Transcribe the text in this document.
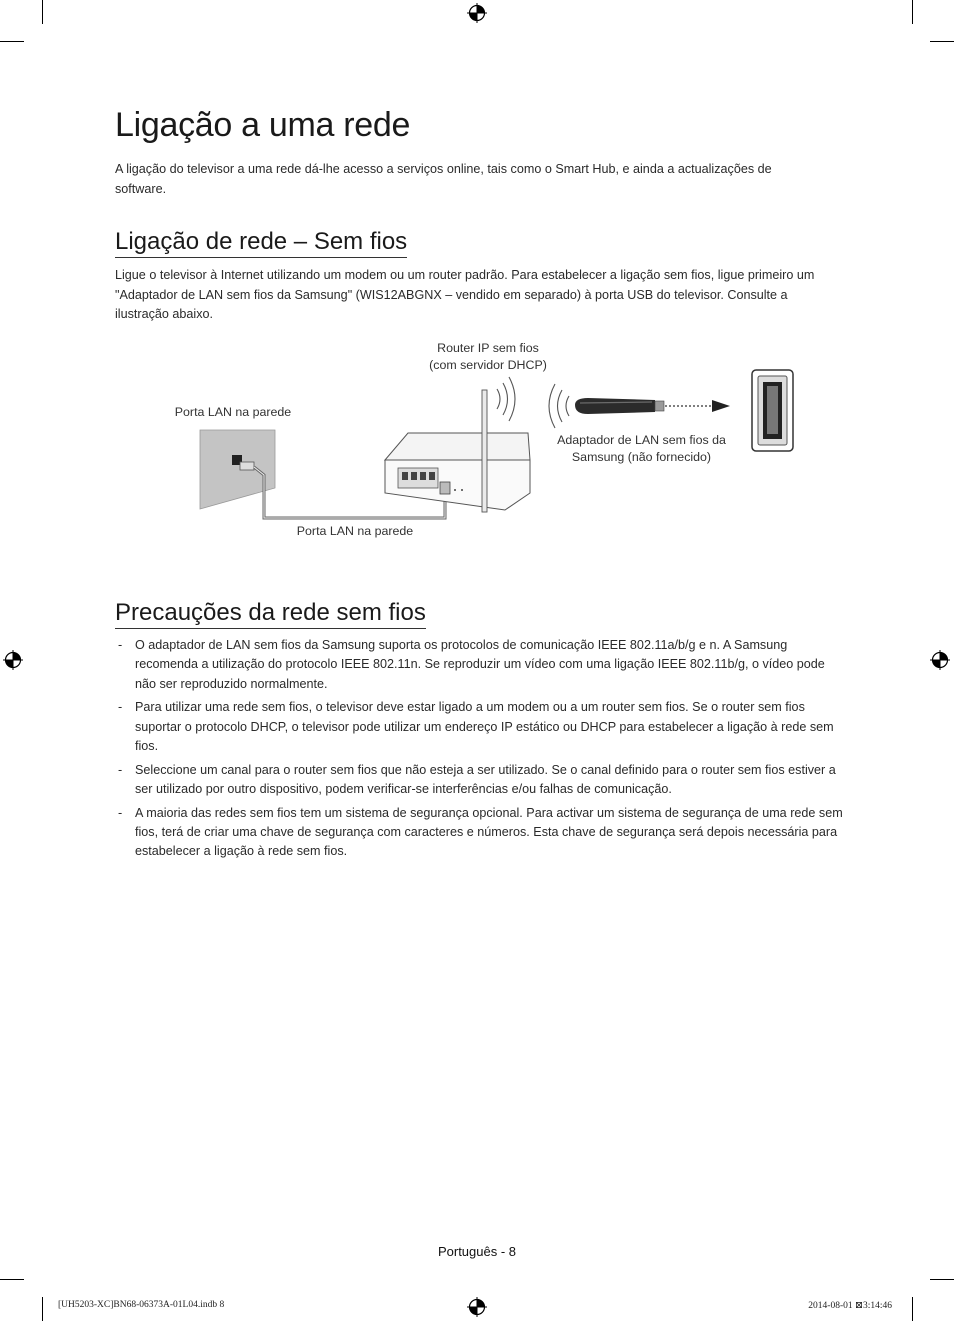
Ligação a uma rede

A ligação do televisor a uma rede dá-lhe acesso a serviços online, tais como o Smart Hub, e ainda a actualizações de software.

Ligação de rede – Sem fios

Ligue o televisor à Internet utilizando um modem ou um router padrão. Para estabelecer a ligação sem fios, ligue primeiro um "Adaptador de LAN sem fios da Samsung" (WIS12ABGNX – vendido em separado) à porta USB do televisor. Consulte a ilustração abaixo.

Router IP sem fios
(com servidor DHCP)
Porta LAN na parede
Porta LAN na parede
Adaptador de LAN sem fios da
Samsung (não fornecido)
Precauções da rede sem fios
- O adaptador de LAN sem fios da Samsung suporta os protocolos de comunicação IEEE 802.11a/b/g e n. A Samsung recomenda a utilização do protocolo IEEE 802.11n. Se reproduzir um vídeo com uma ligação IEEE 802.11b/g, o vídeo pode não ser reproduzido normalmente.
- Para utilizar uma rede sem fios, o televisor deve estar ligado a um modem ou a um router sem fios. Se o router sem fios suportar o protocolo DHCP, o televisor pode utilizar um endereço IP estático ou DHCP para estabelecer a ligação à rede sem fios.
- Seleccione um canal para o router sem fios que não esteja a ser utilizado. Se o canal definido para o router sem fios estiver a ser utilizado por outro dispositivo, podem verificar-se interferências e/ou falhas de comunicação.
- A maioria das redes sem fios tem um sistema de segurança opcional. Para activar um sistema de segurança de uma rede sem fios, terá de criar uma chave de segurança com caracteres e números. Esta chave de segurança será depois necessária para estabelecer a ligação à rede sem fios.
Português - 8
[UH5203-XC]BN68-06373A-01L04.indb 8	2014-08-01 ⊠3:14:46
